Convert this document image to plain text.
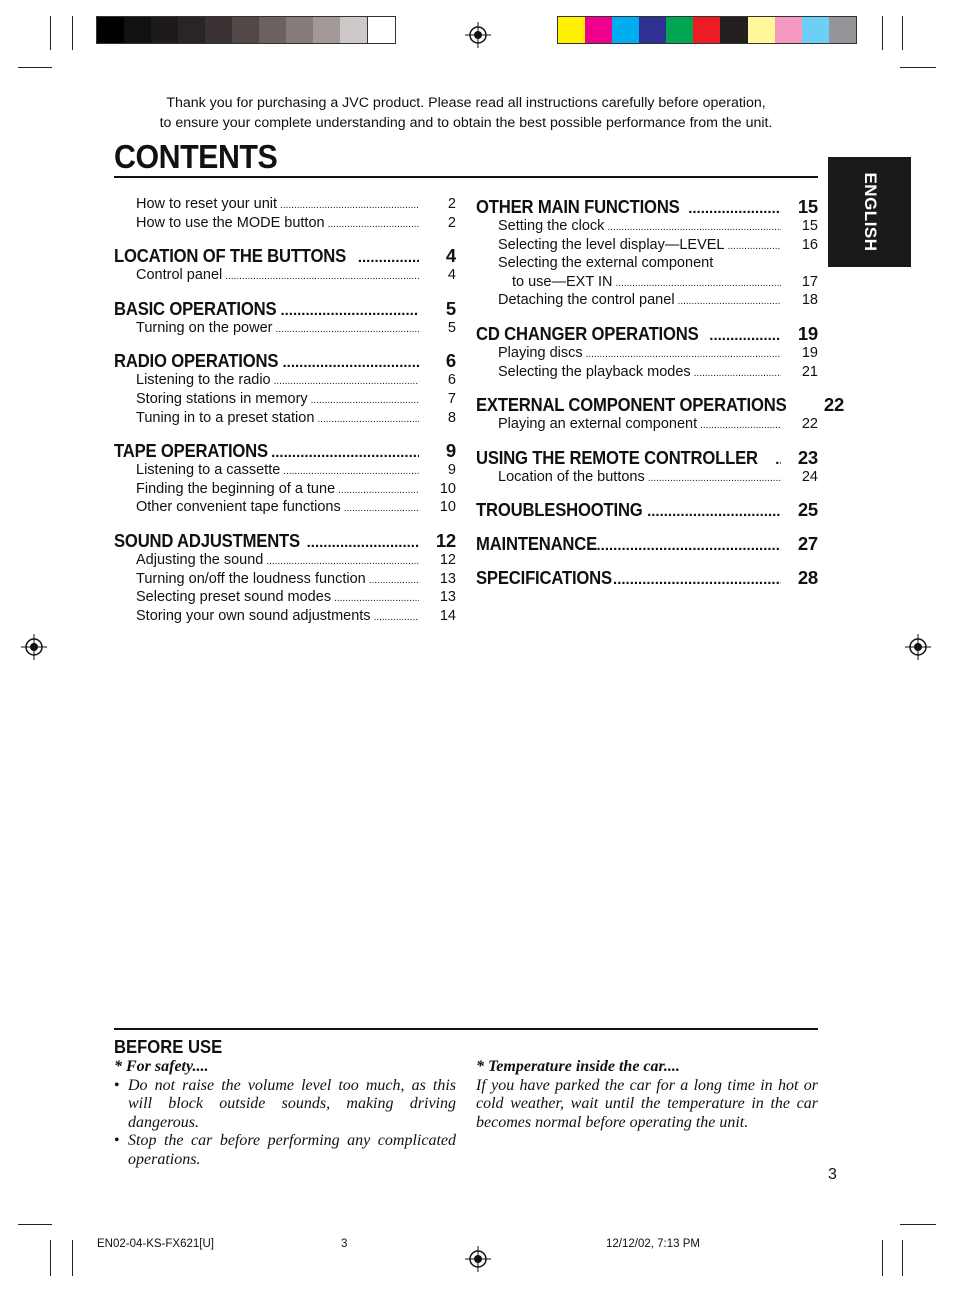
Thank you for purchasing a JVC product. Please read all instructions carefully before operation,
to ensure your complete understanding and to obtain the best possible performance from the unit.
CONTENTS
ENGLISH
How to reset your unit .....	2
How to use the MODE button .....	2
LOCATION OF THE BUTTONS .....	4
Control panel .....	4
BASIC OPERATIONS .....	5
Turning on the power .....	5
RADIO OPERATIONS .....	6
Listening to the radio .....	6
Storing stations in memory .....	7
Tuning in to a preset station .....	8
TAPE OPERATIONS .....	9
Listening to a cassette .....	9
Finding the beginning of a tune .....	10
Other convenient tape functions .....	10
SOUND ADJUSTMENTS .....	12
Adjusting the sound .....	12
Turning on/off the loudness function .....	13
Selecting preset sound modes .....	13
Storing your own sound adjustments .....	14
OTHER MAIN FUNCTIONS .....	15
Setting the clock .....	15
Selecting the level display—LEVEL .....	16
Selecting the external component
to use—EXT IN .....	17
Detaching the control panel .....	18
CD CHANGER OPERATIONS .....	19
Playing discs .....	19
Selecting the playback modes .....	21
EXTERNAL COMPONENT OPERATIONS	22
Playing an external component .....	22
USING THE REMOTE CONTROLLER .....	23
Location of the buttons .....	24
TROUBLESHOOTING .....	25
MAINTENANCE .....	27
SPECIFICATIONS .....	28
BEFORE USE
* For safety....
• Do not raise the volume level too much, as this will block outside sounds, making driving dangerous.

• Stop the car before performing any complicated operations.

* Temperature inside the car....

If you have parked the car for a long time in hot or cold weather, wait until the temperature in the car becomes normal before operating the unit.

3
EN02-04-KS-FX621[U]	3	12/12/02, 7:13 PM
